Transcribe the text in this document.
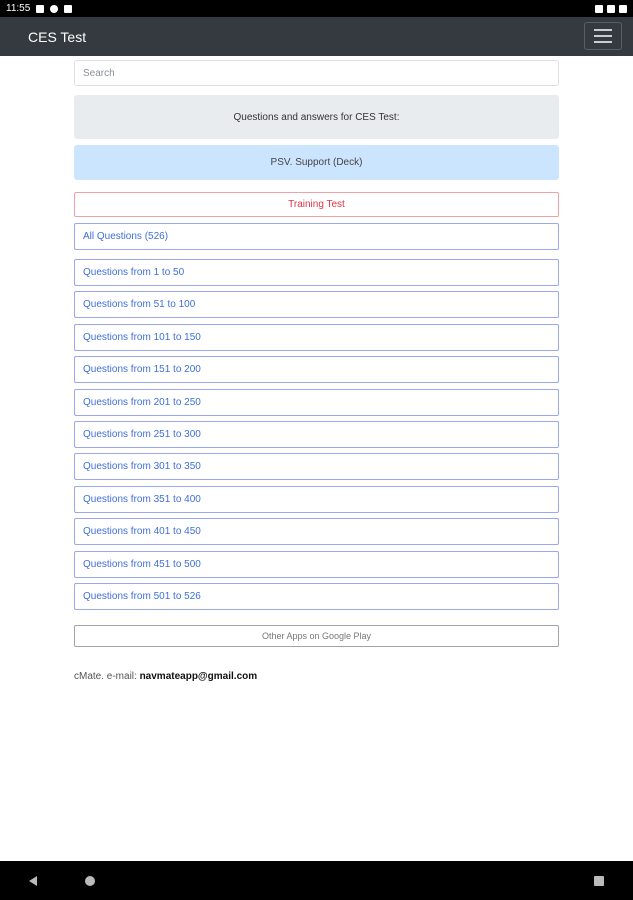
11:55
CES Test
Search
Questions and answers for CES Test:
PSV. Support (Deck)
Training Test
All Questions (526)
Questions from 1 to 50
Questions from 51 to 100
Questions from 101 to 150
Questions from 151 to 200
Questions from 201 to 250
Questions from 251 to 300
Questions from 301 to 350
Questions from 351 to 400
Questions from 401 to 450
Questions from 451 to 500
Questions from 501 to 526
Other Apps on Google Play
cMate. e-mail: navmateapp@gmail.com
